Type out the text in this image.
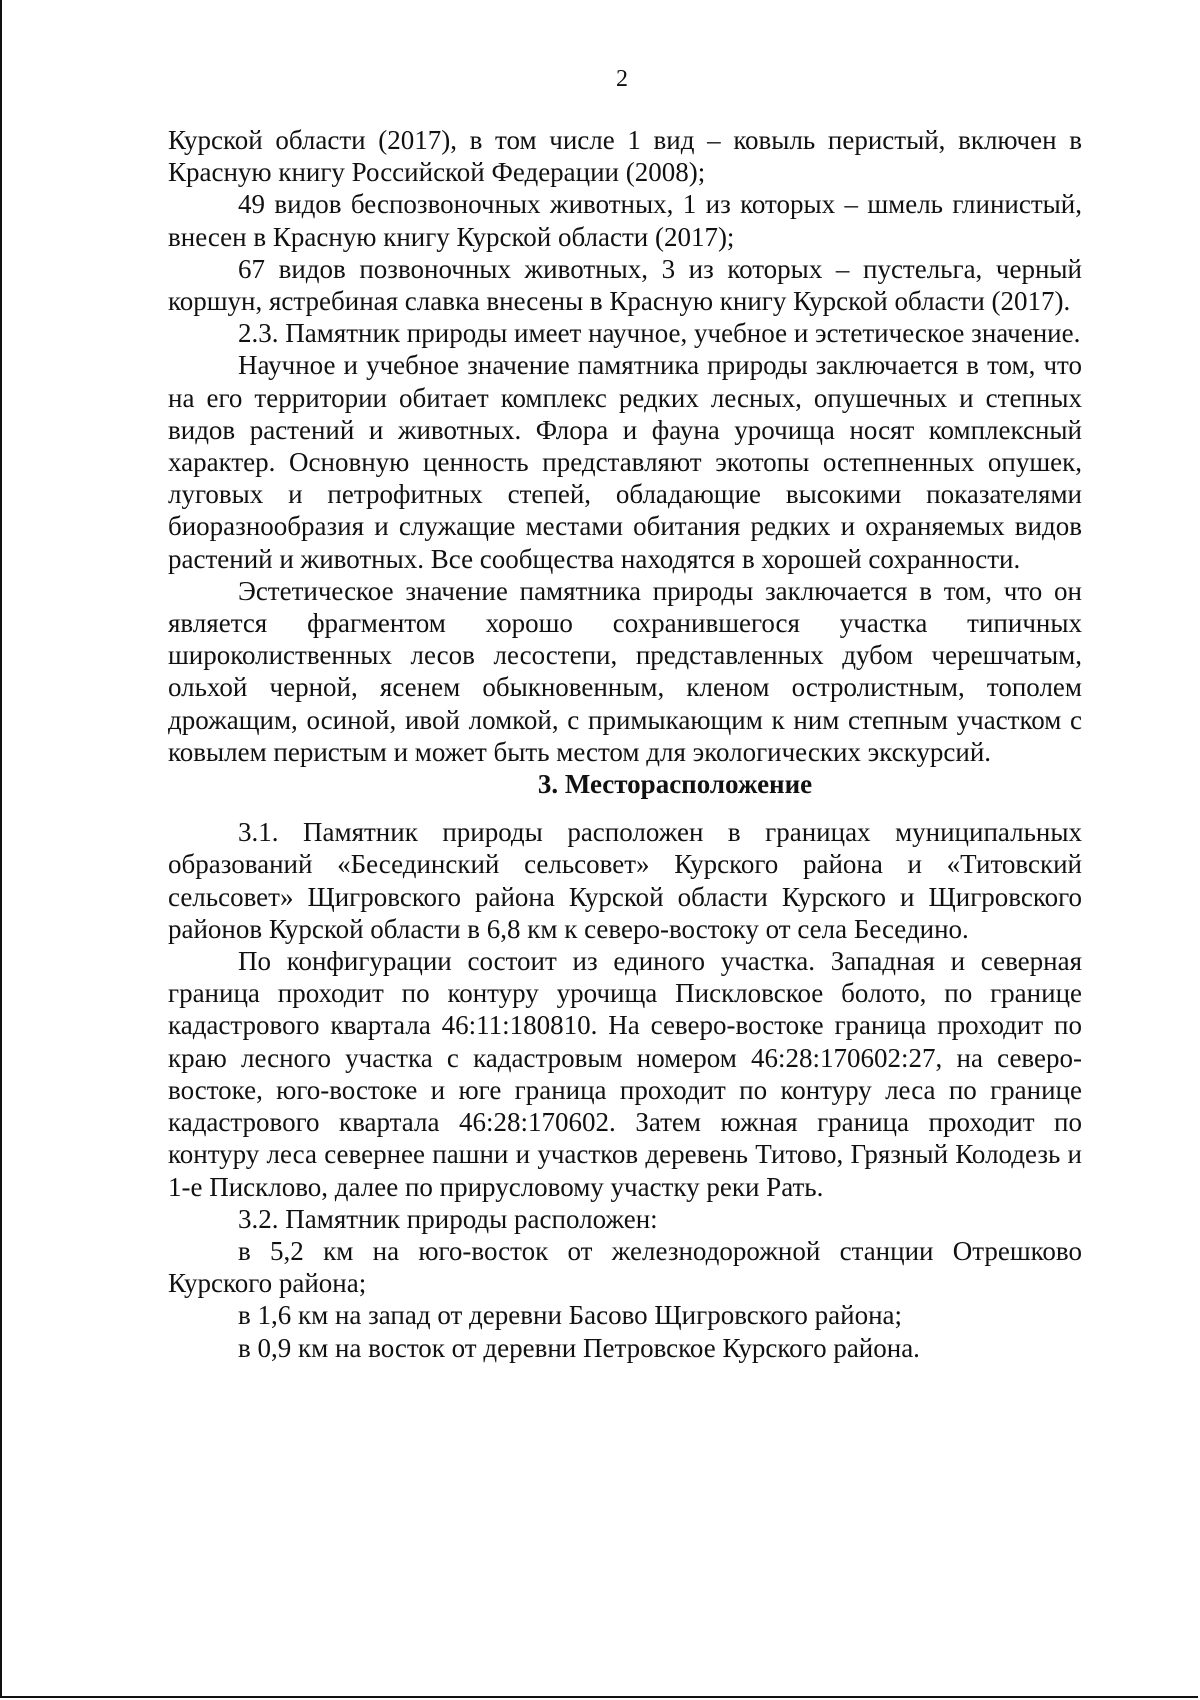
2

Курской области (2017), в том числе 1 вид – ковыль перистый, включен в Красную книгу Российской Федерации (2008);

49 видов беспозвоночных животных, 1 из которых – шмель глинистый, внесен в Красную книгу Курской области (2017);

67 видов позвоночных животных, 3 из которых – пустельга, черный коршун, ястребиная славка внесены в Красную книгу Курской области (2017).

2.3. Памятник природы имеет научное, учебное и эстетическое значение.

Научное и учебное значение памятника природы заключается в том, что на его территории обитает комплекс редких лесных, опушечных и степных видов растений и животных. Флора и фауна урочища носят комплексный характер. Основную ценность представляют экотопы остепненных опушек, луговых и петрофитных степей, обладающие высокими показателями биоразнообразия и служащие местами обитания редких и охраняемых видов растений и животных. Все сообщества находятся в хорошей сохранности.

Эстетическое значение памятника природы заключается в том, что он является фрагментом хорошо сохранившегося участка типичных широколиственных лесов лесостепи, представленных дубом черешчатым, ольхой черной, ясенем обыкновенным, кленом остролистным, тополем дрожащим, осиной, ивой ломкой, с примыкающим к ним степным участком с ковылем перистым и может быть местом для экологических экскурсий.

3. Месторасположение

3.1. Памятник природы расположен в границах муниципальных образований «Бесединский сельсовет» Курского района и «Титовский сельсовет» Щигровского района Курской области Курского и Щигровского районов Курской области в 6,8 км к северо-востоку от села Беседино.

По конфигурации состоит из единого участка. Западная и северная граница проходит по контуру урочища Пискловское болото, по границе кадастрового квартала 46:11:180810. На северо-востоке граница проходит по краю лесного участка с кадастровым номером 46:28:170602:27, на северо-востоке, юго-востоке и юге граница проходит по контуру леса по границе кадастрового квартала 46:28:170602. Затем южная граница проходит по контуру леса севернее пашни и участков деревень Титово, Грязный Колодезь и 1-е Писклово, далее по прирусловому участку реки Рать.

3.2. Памятник природы расположен:

в 5,2 км на юго-восток от железнодорожной станции Отрешково Курского района;

в 1,6 км на запад от деревни Басово Щигровского района;

в 0,9 км на восток от деревни Петровское Курского района.
